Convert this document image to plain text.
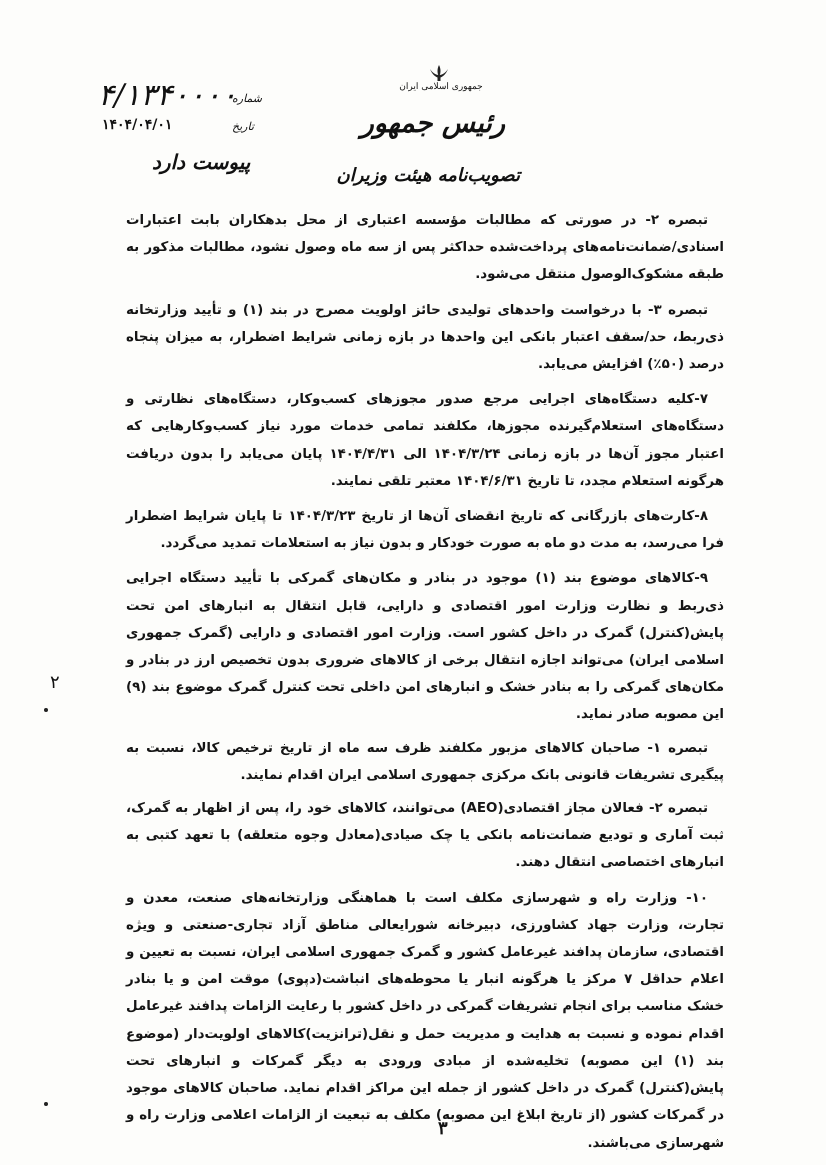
جمهوری اسلامی ایران
رئیس جمهور
تصویب‌نامه هیئت وزیران
۴/۱۳۴۰۰۰۰
شماره
۱۴۰۴/۰۴/۰۱	تاریخ
پیوست دارد

تبصره ۲- در صورتی که مطالبات مؤسسه اعتباری از محل بدهکاران بابت اعتبارات اسنادی/ضمانت‌نامه‌های پرداخت‌شده حداکثر پس از سه ماه وصول نشود، مطالبات مذکور به طبقه مشکوک‌الوصول منتقل می‌شود.

تبصره ۳- با درخواست واحدهای تولیدی حائز اولویت مصرح در بند (۱) و تأیید وزارتخانه ذی‌ربط، حد/سقف اعتبار بانکی این واحدها در بازه زمانی شرایط اضطرار، به میزان پنجاه درصد (۵۰٪) افزایش می‌یابد.

۷-کلیه دستگاه‌های اجرایی مرجع صدور مجوزهای کسب‌وکار، دستگاه‌های نظارتی و دستگاه‌های استعلام‌گیرنده مجوزها، مکلفند تمامی خدمات مورد نیاز کسب‌وکارهایی که اعتبار مجوز آن‌ها در بازه زمانی ۱۴۰۴/۳/۲۴ الی ۱۴۰۴/۴/۳۱ پایان می‌یابد را بدون دریافت هرگونه استعلام مجدد، تا تاریخ ۱۴۰۴/۶/۳۱ معتبر تلقی نمایند.

۸-کارت‌های بازرگانی که تاریخ انقضای آن‌ها از تاریخ ۱۴۰۴/۳/۲۳ تا پایان شرایط اضطرار فرا می‌رسد، به مدت دو ماه به صورت خودکار و بدون نیاز به استعلامات تمدید می‌گردد.

۹-کالاهای موضوع بند (۱) موجود در بنادر و مکان‌های گمرکی با تأیید دستگاه اجرایی ذی‌ربط و نظارت وزارت امور اقتصادی و دارایی، قابل انتقال به انبارهای امن تحت پایش(کنترل) گمرک در داخل کشور است. وزارت امور اقتصادی و دارایی (گمرک جمهوری اسلامی ایران) می‌تواند اجازه انتقال برخی از کالاهای ضروری بدون تخصیص ارز در بنادر و مکان‌های گمرکی را به بنادر خشک و انبارهای امن داخلی تحت کنترل گمرک موضوع بند (۹) این مصوبه صادر نماید.

تبصره ۱- صاحبان کالاهای مزبور مکلفند ظرف سه ماه از تاریخ ترخیص کالا، نسبت به پیگیری تشریفات قانونی بانک مرکزی جمهوری اسلامی ایران اقدام نمایند.

تبصره ۲- فعالان مجاز اقتصادی(AEO) می‌توانند، کالاهای خود را، پس از اظهار به گمرک، ثبت آماری و تودیع ضمانت‌نامه بانکی یا چک صیادی(معادل وجوه متعلقه) با تعهد کتبی به انبارهای اختصاصی انتقال دهند.

۱۰- وزارت راه و شهرسازی مکلف است با هماهنگی وزارتخانه‌های صنعت، معدن و تجارت، وزارت جهاد کشاورزی، دبیرخانه شورایعالی مناطق آزاد تجاری-صنعتی و ویژه اقتصادی، سازمان پدافند غیرعامل کشور و گمرک جمهوری اسلامی ایران، نسبت به تعیین و اعلام حداقل ۷ مرکز یا هرگونه انبار یا محوطه‌های انباشت(دپوی) موقت امن و یا بنادر خشک مناسب برای انجام تشریفات گمرکی در داخل کشور با رعایت الزامات پدافند غیرعامل اقدام نموده و نسبت به هدایت و مدیریت حمل و نقل(ترانزیت)کالاهای اولویت‌دار (موضوع بند (۱) این مصوبه) تخلیه‌شده از مبادی ورودی به دیگر گمرکات و انبارهای تحت پایش(کنترل) گمرک در داخل کشور از جمله این مراکز اقدام نماید. صاحبان کالاهای موجود در گمرکات کشور (از تاریخ ابلاغ این مصوبه) مکلف به تبعیت از الزامات اعلامی وزارت راه و شهرسازی می‌باشند.

۲
۳
